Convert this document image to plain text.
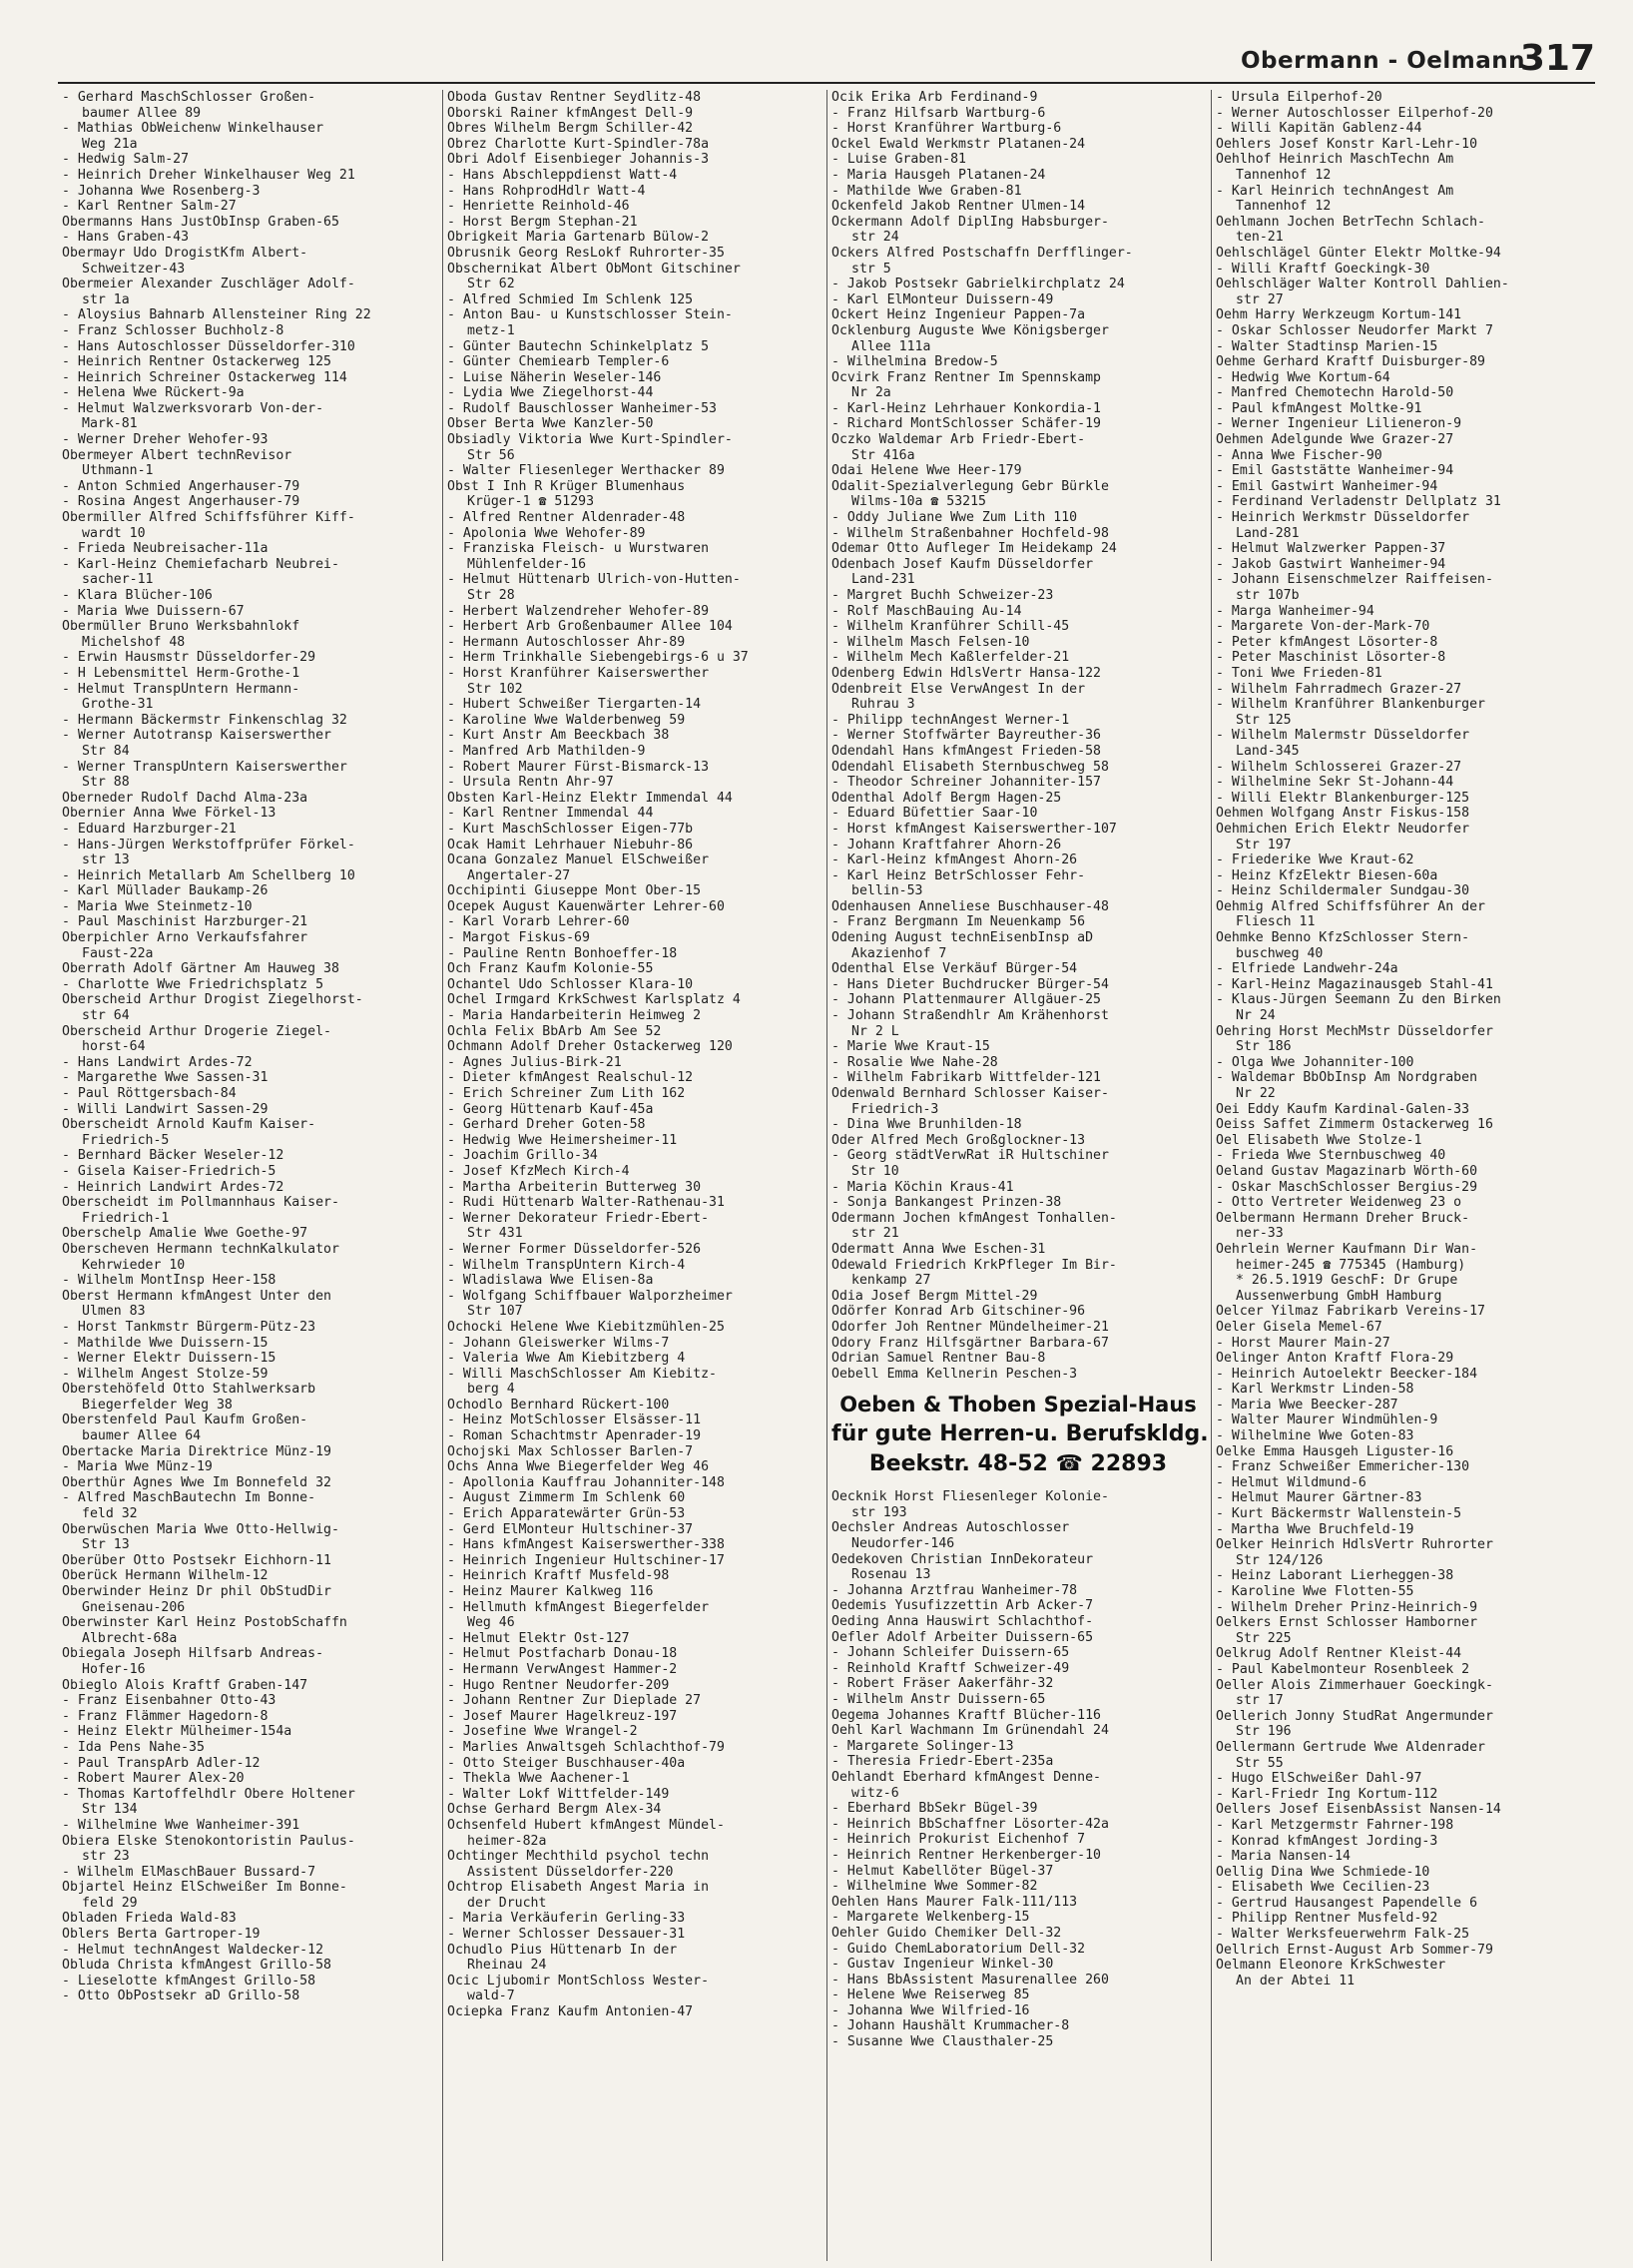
Obermann - Oelmann
317
- Gerhard MaschSchlosser Großen-
baumer Allee 89
- Mathias ObWeichenw Winkelhauser
Weg 21a
- Hedwig Salm-27
- Heinrich Dreher Winkelhauser Weg 21
- Johanna Wwe Rosenberg-3
- Karl Rentner Salm-27
Obermanns Hans JustObInsp Graben-65
- Hans Graben-43
Obermayr Udo DrogistKfm Albert-
Schweitzer-43
Obermeier Alexander Zuschläger Adolf-
str 1a
- Aloysius Bahnarb Allensteiner Ring 22
- Franz Schlosser Buchholz-8
- Hans Autoschlosser Düsseldorfer-310
- Heinrich Rentner Ostackerweg 125
- Heinrich Schreiner Ostackerweg 114
- Helena Wwe Rückert-9a
- Helmut Walzwerksvorarb Von-der-
Mark-81
- Werner Dreher Wehofer-93
Obermeyer Albert technRevisor
Uthmann-1
- Anton Schmied Angerhauser-79
- Rosina Angest Angerhauser-79
Obermiller Alfred Schiffsführer Kiff-
wardt 10
- Frieda Neubreisacher-11a
- Karl-Heinz Chemiefacharb Neubrei-
sacher-11
- Klara Blücher-106
- Maria Wwe Duissern-67
Obermüller Bruno Werksbahnlokf
Michelshof 48
- Erwin Hausmstr Düsseldorfer-29
- H Lebensmittel Herm-Grothe-1
- Helmut TranspUntern Hermann-
Grothe-31
- Hermann Bäckermstr Finkenschlag 32
- Werner Autotransp Kaiserswerther
Str 84
- Werner TranspUntern Kaiserswerther
Str 88
Oberneder Rudolf Dachd Alma-23a
Obernier Anna Wwe Förkel-13
- Eduard Harzburger-21
- Hans-Jürgen Werkstoffprüfer Förkel-
str 13
- Heinrich Metallarb Am Schellberg 10
- Karl Müllader Baukamp-26
- Maria Wwe Steinmetz-10
- Paul Maschinist Harzburger-21
Oberpichler Arno Verkaufsfahrer
Faust-22a
Oberrath Adolf Gärtner Am Hauweg 38
- Charlotte Wwe Friedrichsplatz 5
Oberscheid Arthur Drogist Ziegelhorst-
str 64
Oberscheid Arthur Drogerie Ziegel-
horst-64
- Hans Landwirt Ardes-72
- Margarethe Wwe Sassen-31
- Paul Röttgersbach-84
- Willi Landwirt Sassen-29
Oberscheidt Arnold Kaufm Kaiser-
Friedrich-5
- Bernhard Bäcker Weseler-12
- Gisela Kaiser-Friedrich-5
- Heinrich Landwirt Ardes-72
Oberscheidt im Pollmannhaus Kaiser-
Friedrich-1
Oberschelp Amalie Wwe Goethe-97
Oberscheven Hermann technKalkulator
Kehrwieder 10
- Wilhelm MontInsp Heer-158
Oberst Hermann kfmAngest Unter den
Ulmen 83
- Horst Tankmstr Bürgerm-Pütz-23
- Mathilde Wwe Duissern-15
- Werner Elektr Duissern-15
- Wilhelm Angest Stolze-59
Oberstehöfeld Otto Stahlwerksarb
Biegerfelder Weg 38
Oberstenfeld Paul Kaufm Großen-
baumer Allee 64
Obertacke Maria Direktrice Münz-19
- Maria Wwe Münz-19
Oberthür Agnes Wwe Im Bonnefeld 32
- Alfred MaschBautechn Im Bonne-
feld 32
Oberwüschen Maria Wwe Otto-Hellwig-
Str 13
Oberüber Otto Postsekr Eichhorn-11
Oberück Hermann Wilhelm-12
Oberwinder Heinz Dr phil ObStudDir
Gneisenau-206
Oberwinster Karl Heinz PostobSchaffn
Albrecht-68a
Obiegala Joseph Hilfsarb Andreas-
Hofer-16
Obieglo Alois Kraftf Graben-147
- Franz Eisenbahner Otto-43
- Franz Flämmer Hagedorn-8
- Heinz Elektr Mülheimer-154a
- Ida Pens Nahe-35
- Paul TranspArb Adler-12
- Robert Maurer Alex-20
- Thomas Kartoffelhdlr Obere Holtener
Str 134
- Wilhelmine Wwe Wanheimer-391
Obiera Elske Stenokontoristin Paulus-
str 23
- Wilhelm ElMaschBauer Bussard-7
Objartel Heinz ElSchweißer Im Bonne-
feld 29
Obladen Frieda Wald-83
Oblers Berta Gartroper-19
- Helmut technAngest Waldecker-12
Obluda Christa kfmAngest Grillo-58
- Lieselotte kfmAngest Grillo-58
- Otto ObPostsekr aD Grillo-58
Oboda Gustav Rentner Seydlitz-48
Oborski Rainer kfmAngest Dell-9
Obres Wilhelm Bergm Schiller-42
Obrez Charlotte Kurt-Spindler-78a
Obri Adolf Eisenbieger Johannis-3
- Hans Abschleppdienst Watt-4
- Hans RohprodHdlr Watt-4
- Henriette Reinhold-46
- Horst Bergm Stephan-21
Obrigkeit Maria Gartenarb Bülow-2
Obrusnik Georg ResLokf Ruhrorter-35
Obschernikat Albert ObMont Gitschiner
Str 62
- Alfred Schmied Im Schlenk 125
- Anton Bau- u Kunstschlosser Stein-
metz-1
- Günter Bautechn Schinkelplatz 5
- Günter Chemiearb Templer-6
- Luise Näherin Weseler-146
- Lydia Wwe Ziegelhorst-44
- Rudolf Bauschlosser Wanheimer-53
Obser Berta Wwe Kanzler-50
Obsiadly Viktoria Wwe Kurt-Spindler-
Str 56
- Walter Fliesenleger Werthacker 89
Obst I Inh R Krüger Blumenhaus
Krüger-1 ☎ 51293
- Alfred Rentner Aldenrader-48
- Apolonia Wwe Wehofer-89
- Franziska Fleisch- u Wurstwaren
Mühlenfelder-16
- Helmut Hüttenarb Ulrich-von-Hutten-
Str 28
- Herbert Walzendreher Wehofer-89
- Herbert Arb Großenbaumer Allee 104
- Hermann Autoschlosser Ahr-89
- Herm Trinkhalle Siebengebirgs-6 u 37
- Horst Kranführer Kaiserswerther
Str 102
- Hubert Schweißer Tiergarten-14
- Karoline Wwe Walderbenweg 59
- Kurt Anstr Am Beeckbach 38
- Manfred Arb Mathilden-9
- Robert Maurer Fürst-Bismarck-13
- Ursula Rentn Ahr-97
Obsten Karl-Heinz Elektr Immendal 44
- Karl Rentner Immendal 44
- Kurt MaschSchlosser Eigen-77b
Ocak Hamit Lehrhauer Niebuhr-86
Ocana Gonzalez Manuel ElSchweißer
Angertaler-27
Occhipinti Giuseppe Mont Ober-15
Ocepek August Kauenwärter Lehrer-60
- Karl Vorarb Lehrer-60
- Margot Fiskus-69
- Pauline Rentn Bonhoeffer-18
Och Franz Kaufm Kolonie-55
Ochantel Udo Schlosser Klara-10
Ochel Irmgard KrkSchwest Karlsplatz 4
- Maria Handarbeiterin Heimweg 2
Ochla Felix BbArb Am See 52
Ochmann Adolf Dreher Ostackerweg 120
- Agnes Julius-Birk-21
- Dieter kfmAngest Realschul-12
- Erich Schreiner Zum Lith 162
- Georg Hüttenarb Kauf-45a
- Gerhard Dreher Goten-58
- Hedwig Wwe Heimersheimer-11
- Joachim Grillo-34
- Josef KfzMech Kirch-4
- Martha Arbeiterin Butterweg 30
- Rudi Hüttenarb Walter-Rathenau-31
- Werner Dekorateur Friedr-Ebert-
Str 431
- Werner Former Düsseldorfer-526
- Wilhelm TranspUntern Kirch-4
- Wladislawa Wwe Elisen-8a
- Wolfgang Schiffbauer Walporzheimer
Str 107
Ochocki Helene Wwe Kiebitzmühlen-25
- Johann Gleiswerker Wilms-7
- Valeria Wwe Am Kiebitzberg 4
- Willi MaschSchlosser Am Kiebitz-
berg 4
Ochodlo Bernhard Rückert-100
- Heinz MotSchlosser Elsässer-11
- Roman Schachtmstr Apenrader-19
Ochojski Max Schlosser Barlen-7
Ochs Anna Wwe Biegerfelder Weg 46
- Apollonia Kauffrau Johanniter-148
- August Zimmerm Im Schlenk 60
- Erich Apparatewärter Grün-53
- Gerd ElMonteur Hultschiner-37
- Hans kfmAngest Kaiserswerther-338
- Heinrich Ingenieur Hultschiner-17
- Heinrich Kraftf Musfeld-98
- Heinz Maurer Kalkweg 116
- Hellmuth kfmAngest Biegerfelder
Weg 46
- Helmut Elektr Ost-127
- Helmut Postfacharb Donau-18
- Hermann VerwAngest Hammer-2
- Hugo Rentner Neudorfer-209
- Johann Rentner Zur Dieplade 27
- Josef Maurer Hagelkreuz-197
- Josefine Wwe Wrangel-2
- Marlies Anwaltsgeh Schlachthof-79
- Otto Steiger Buschhauser-40a
- Thekla Wwe Aachener-1
- Walter Lokf Wittfelder-149
Ochse Gerhard Bergm Alex-34
Ochsenfeld Hubert kfmAngest Mündel-
heimer-82a
Ochtinger Mechthild psychol techn
Assistent Düsseldorfer-220
Ochtrop Elisabeth Angest Maria in
der Drucht
- Maria Verkäuferin Gerling-33
- Werner Schlosser Dessauer-31
Ochudlo Pius Hüttenarb In der
Rheinau 24
Ocic Ljubomir MontSchloss Wester-
wald-7
Ociepka Franz Kaufm Antonien-47
Ocik Erika Arb Ferdinand-9
- Franz Hilfsarb Wartburg-6
- Horst Kranführer Wartburg-6
Ockel Ewald Werkmstr Platanen-24
- Luise Graben-81
- Maria Hausgeh Platanen-24
- Mathilde Wwe Graben-81
Ockenfeld Jakob Rentner Ulmen-14
Ockermann Adolf DiplIng Habsburger-
str 24
Ockers Alfred Postschaffn Derfflinger-
str 5
- Jakob Postsekr Gabrielkirchplatz 24
- Karl ElMonteur Duissern-49
Ockert Heinz Ingenieur Pappen-7a
Ocklenburg Auguste Wwe Königsberger
Allee 111a
- Wilhelmina Bredow-5
Ocvirk Franz Rentner Im Spennskamp
Nr 2a
- Karl-Heinz Lehrhauer Konkordia-1
- Richard MontSchlosser Schäfer-19
Oczko Waldemar Arb Friedr-Ebert-
Str 416a
Odai Helene Wwe Heer-179
Odalit-Spezialverlegung Gebr Bürkle
Wilms-10a ☎ 53215
- Oddy Juliane Wwe Zum Lith 110
- Wilhelm Straßenbahner Hochfeld-98
Odemar Otto Aufleger Im Heidekamp 24
Odenbach Josef Kaufm Düsseldorfer
Land-231
- Margret Buchh Schweizer-23
- Rolf MaschBauing Au-14
- Wilhelm Kranführer Schill-45
- Wilhelm Masch Felsen-10
- Wilhelm Mech Kaßlerfelder-21
Odenberg Edwin HdlsVertr Hansa-122
Odenbreit Else VerwAngest In der
Ruhrau 3
- Philipp technAngest Werner-1
- Werner Stoffwärter Bayreuther-36
Odendahl Hans kfmAngest Frieden-58
Odendahl Elisabeth Sternbuschweg 58
- Theodor Schreiner Johanniter-157
Odenthal Adolf Bergm Hagen-25
- Eduard Büfettier Saar-10
- Horst kfmAngest Kaiserswerther-107
- Johann Kraftfahrer Ahorn-26
- Karl-Heinz kfmAngest Ahorn-26
- Karl Heinz BetrSchlosser Fehr-
bellin-53
Odenhausen Anneliese Buschhauser-48
- Franz Bergmann Im Neuenkamp 56
Odening August technEisenbInsp aD
Akazienhof 7
Odenthal Else Verkäuf Bürger-54
- Hans Dieter Buchdrucker Bürger-54
- Johann Plattenmaurer Allgäuer-25
- Johann Straßendhlr Am Krähenhorst
Nr 2 L
- Marie Wwe Kraut-15
- Rosalie Wwe Nahe-28
- Wilhelm Fabrikarb Wittfelder-121
Odenwald Bernhard Schlosser Kaiser-
Friedrich-3
- Dina Wwe Brunhilden-18
Oder Alfred Mech Großglockner-13
- Georg städtVerwRat iR Hultschiner
Str 10
- Maria Köchin Kraus-41
- Sonja Bankangest Prinzen-38
Odermann Jochen kfmAngest Tonhallen-
str 21
Odermatt Anna Wwe Eschen-31
Odewald Friedrich KrkPfleger Im Bir-
kenkamp 27
Odia Josef Bergm Mittel-29
Odörfer Konrad Arb Gitschiner-96
Odorfer Joh Rentner Mündelheimer-21
Odory Franz Hilfsgärtner Barbara-67
Odrian Samuel Rentner Bau-8
Oebell Emma Kellnerin Peschen-3
Oeben & Thoben Spezial-Haus
für gute Herren-u. Berufskldg.
Beekstr. 48-52 ☎ 22893
Oecknik Horst Fliesenleger Kolonie-
str 193
Oechsler Andreas Autoschlosser
Neudorfer-146
Oedekoven Christian InnDekorateur
Rosenau 13
- Johanna Arztfrau Wanheimer-78
Oedemis Yusufizzettin Arb Acker-7
Oeding Anna Hauswirt Schlachthof-
Oefler Adolf Arbeiter Duissern-65
- Johann Schleifer Duissern-65
- Reinhold Kraftf Schweizer-49
- Robert Fräser Aakerfähr-32
- Wilhelm Anstr Duissern-65
Oegema Johannes Kraftf Blücher-116
Oehl Karl Wachmann Im Grünendahl 24
- Margarete Solinger-13
- Theresia Friedr-Ebert-235a
Oehlandt Eberhard kfmAngest Denne-
witz-6
- Eberhard BbSekr Bügel-39
- Heinrich BbSchaffner Lösorter-42a
- Heinrich Prokurist Eichenhof 7
- Heinrich Rentner Herkenberger-10
- Helmut Kabellöter Bügel-37
- Wilhelmine Wwe Sommer-82
Oehlen Hans Maurer Falk-111/113
- Margarete Welkenberg-15
Oehler Guido Chemiker Dell-32
- Guido ChemLaboratorium Dell-32
- Gustav Ingenieur Winkel-30
- Hans BbAssistent Masurenallee 260
- Helene Wwe Reiserweg 85
- Johanna Wwe Wilfried-16
- Johann Haushält Krummacher-8
- Susanne Wwe Clausthaler-25
- Ursula Eilperhof-20
- Werner Autoschlosser Eilperhof-20
- Willi Kapitän Gablenz-44
Oehlers Josef Konstr Karl-Lehr-10
Oehlhof Heinrich MaschTechn Am
Tannenhof 12
- Karl Heinrich technAngest Am
Tannenhof 12
Oehlmann Jochen BetrTechn Schlach-
ten-21
Oehlschlägel Günter Elektr Moltke-94
- Willi Kraftf Goeckingk-30
Oehlschläger Walter Kontroll Dahlien-
str 27
Oehm Harry Werkzeugm Kortum-141
- Oskar Schlosser Neudorfer Markt 7
- Walter Stadtinsp Marien-15
Oehme Gerhard Kraftf Duisburger-89
- Hedwig Wwe Kortum-64
- Manfred Chemotechn Harold-50
- Paul kfmAngest Moltke-91
- Werner Ingenieur Lilieneron-9
Oehmen Adelgunde Wwe Grazer-27
- Anna Wwe Fischer-90
- Emil Gaststätte Wanheimer-94
- Emil Gastwirt Wanheimer-94
- Ferdinand Verladenstr Dellplatz 31
- Heinrich Werkmstr Düsseldorfer
Land-281
- Helmut Walzwerker Pappen-37
- Jakob Gastwirt Wanheimer-94
- Johann Eisenschmelzer Raiffeisen-
str 107b
- Marga Wanheimer-94
- Margarete Von-der-Mark-70
- Peter kfmAngest Lösorter-8
- Peter Maschinist Lösorter-8
- Toni Wwe Frieden-81
- Wilhelm Fahrradmech Grazer-27
- Wilhelm Kranführer Blankenburger
Str 125
- Wilhelm Malermstr Düsseldorfer
Land-345
- Wilhelm Schlosserei Grazer-27
- Wilhelmine Sekr St-Johann-44
- Willi Elektr Blankenburger-125
Oehmen Wolfgang Anstr Fiskus-158
Oehmichen Erich Elektr Neudorfer
Str 197
- Friederike Wwe Kraut-62
- Heinz KfzElektr Biesen-60a
- Heinz Schildermaler Sundgau-30
Oehmig Alfred Schiffsführer An der
Fliesch 11
Oehmke Benno KfzSchlosser Stern-
buschweg 40
- Elfriede Landwehr-24a
- Karl-Heinz Magazinausgeb Stahl-41
- Klaus-Jürgen Seemann Zu den Birken
Nr 24
Oehring Horst MechMstr Düsseldorfer
Str 186
- Olga Wwe Johanniter-100
- Waldemar BbObInsp Am Nordgraben
Nr 22
Oei Eddy Kaufm Kardinal-Galen-33
Oeiss Saffet Zimmerm Ostackerweg 16
Oel Elisabeth Wwe Stolze-1
- Frieda Wwe Sternbuschweg 40
Oeland Gustav Magazinarb Wörth-60
- Oskar MaschSchlosser Bergius-29
- Otto Vertreter Weidenweg 23 o
Oelbermann Hermann Dreher Bruck-
ner-33
Oehrlein Werner Kaufmann Dir Wan-
heimer-245 ☎ 775345 (Hamburg)
* 26.5.1919 GeschF: Dr Grupe
Aussenwerbung GmbH Hamburg
Oelcer Yilmaz Fabrikarb Vereins-17
Oeler Gisela Memel-67
- Horst Maurer Main-27
Oelinger Anton Kraftf Flora-29
- Heinrich Autoelektr Beecker-184
- Karl Werkmstr Linden-58
- Maria Wwe Beecker-287
- Walter Maurer Windmühlen-9
- Wilhelmine Wwe Goten-83
Oelke Emma Hausgeh Liguster-16
- Franz Schweißer Emmericher-130
- Helmut Wildmund-6
- Helmut Maurer Gärtner-83
- Kurt Bäckermstr Wallenstein-5
- Martha Wwe Bruchfeld-19
Oelker Heinrich HdlsVertr Ruhrorter
Str 124/126
- Heinz Laborant Lierheggen-38
- Karoline Wwe Flotten-55
- Wilhelm Dreher Prinz-Heinrich-9
Oelkers Ernst Schlosser Hamborner
Str 225
Oelkrug Adolf Rentner Kleist-44
- Paul Kabelmonteur Rosenbleek 2
Oeller Alois Zimmerhauer Goeckingk-
str 17
Oellerich Jonny StudRat Angermunder
Str 196
Oellermann Gertrude Wwe Aldenrader
Str 55
- Hugo ElSchweißer Dahl-97
- Karl-Friedr Ing Kortum-112
Oellers Josef EisenbAssist Nansen-14
- Karl Metzgermstr Fahrner-198
- Konrad kfmAngest Jording-3
- Maria Nansen-14
Oellig Dina Wwe Schmiede-10
- Elisabeth Wwe Cecilien-23
- Gertrud Hausangest Papendelle 6
- Philipp Rentner Musfeld-92
- Walter Werksfeuerwehrm Falk-25
Oellrich Ernst-August Arb Sommer-79
Oelmann Eleonore KrkSchwester
An der Abtei 11
